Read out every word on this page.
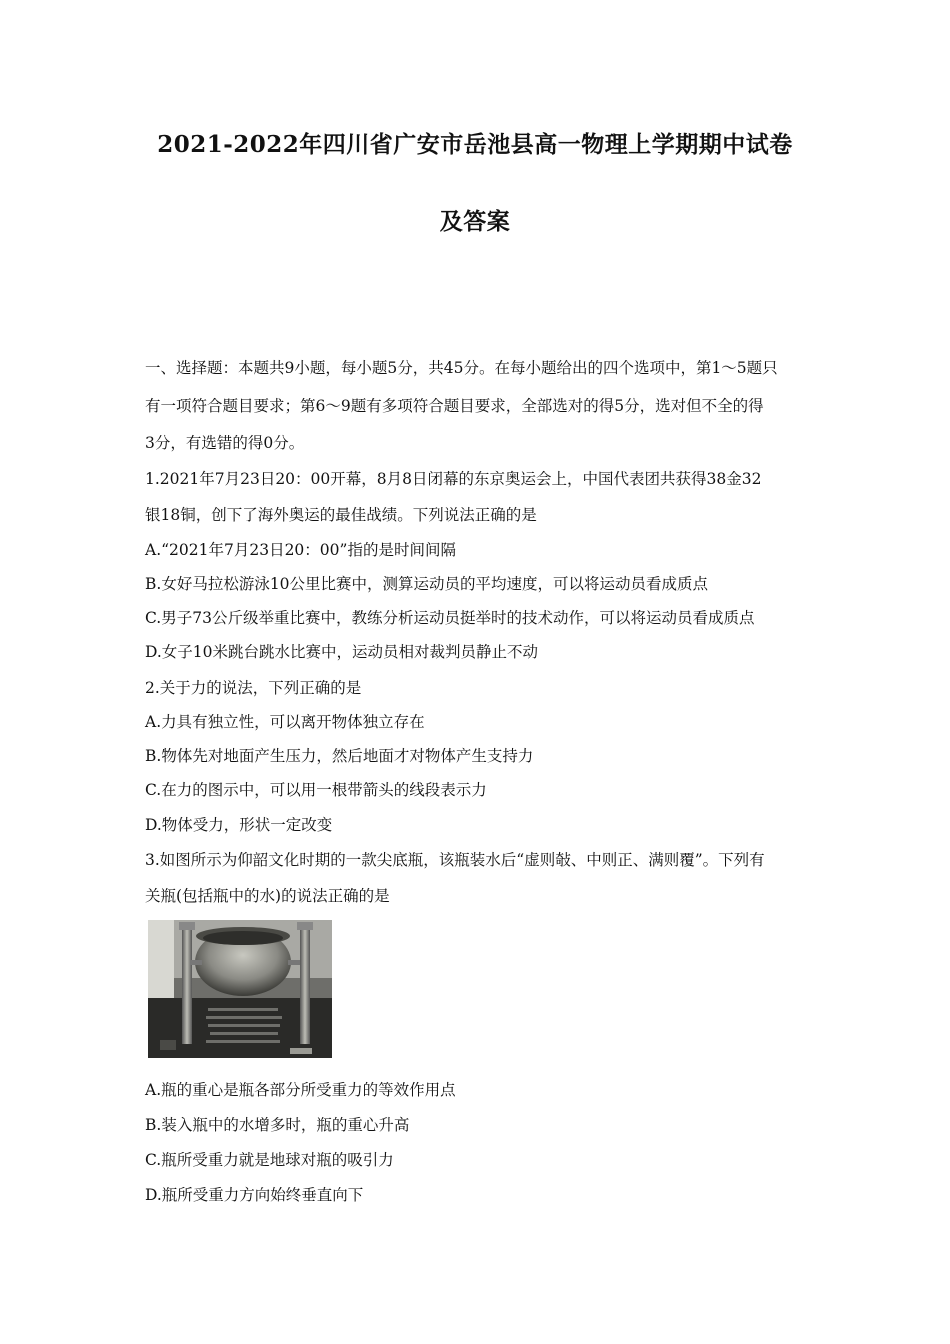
2021-2022年四川省广安市岳池县高一物理上学期期中试卷
及答案
一、选择题：本题共9小题，每小题5分，共45分。在每小题给出的四个选项中，第1～5题只
有一项符合题目要求；第6～9题有多项符合题目要求，全部选对的得5分，选对但不全的得
3分，有选错的得0分。
1.2021年7月23日20：00开幕，8月8日闭幕的东京奥运会上，中国代表团共获得38金32
银18铜，创下了海外奥运的最佳战绩。下列说法正确的是
A.“2021年7月23日20：00”指的是时间间隔
B.女好马拉松游泳10公里比赛中，测算运动员的平均速度，可以将运动员看成质点
C.男子73公斤级举重比赛中，教练分析运动员挺举时的技术动作，可以将运动员看成质点
D.女子10米跳台跳水比赛中，运动员相对裁判员静止不动
2.关于力的说法，下列正确的是
A.力具有独立性，可以离开物体独立存在
B.物体先对地面产生压力，然后地面才对物体产生支持力
C.在力的图示中，可以用一根带箭头的线段表示力
D.物体受力，形状一定改变
3.如图所示为仰韶文化时期的一款尖底瓶，该瓶装水后“虚则敧、中则正、满则覆”。下列有
关瓶(包括瓶中的水)的说法正确的是
A.瓶的重心是瓶各部分所受重力的等效作用点
B.装入瓶中的水增多时，瓶的重心升高
C.瓶所受重力就是地球对瓶的吸引力
D.瓶所受重力方向始终垂直向下
